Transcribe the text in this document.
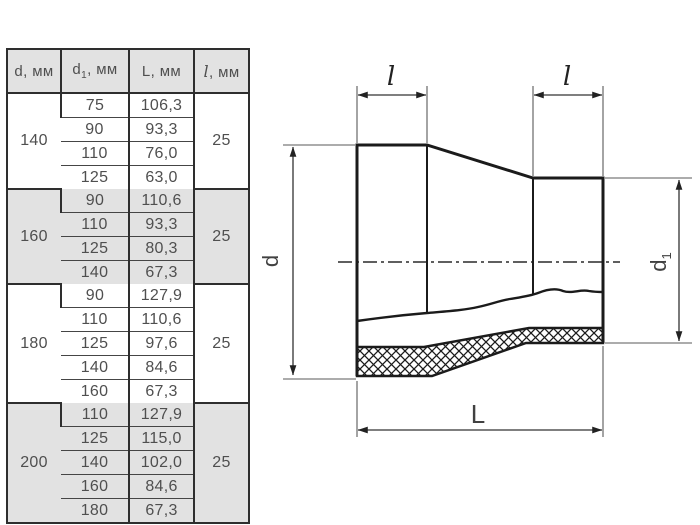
l	l
d	$d_1$
L
d, мм	$d_1$, мм	L, мм	l, мм
140	75	106,3	25
	90	93,3	
	110	76,0	
	125	63,0	
160	90	110,6	25
	110	93,3	
	125	80,3	
	140	67,3	
180	90	127,9	25
	110	110,6	
	125	97,6	
	140	84,6	
	160	67,3	
200	110	127,9	25
	125	115,0	
	140	102,0	
	160	84,6	
	180	67,3	
